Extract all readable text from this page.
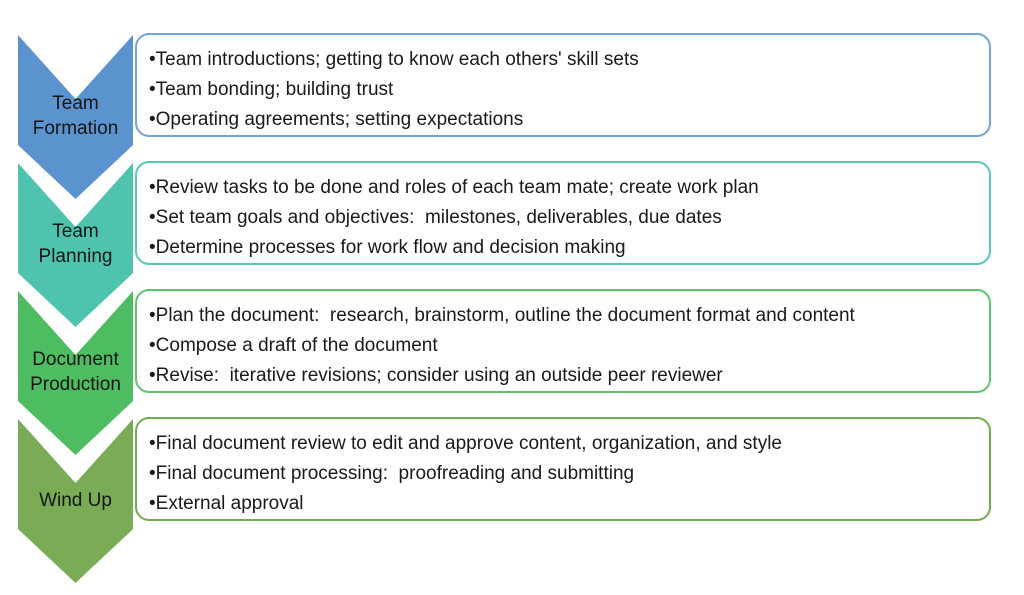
Team
Formation
• Team introductions; getting to know each others' skill sets
• Team bonding; building trust
• Operating agreements; setting expectations
Team
Planning
• Review tasks to be done and roles of each team mate; create work plan
• Set team goals and objectives:  milestones, deliverables, due dates
• Determine processes for work flow and decision making
Document
Production
• Plan the document:  research, brainstorm, outline the document format and content
• Compose a draft of the document
• Revise:  iterative revisions; consider using an outside peer reviewer
Wind Up
• Final document review to edit and approve content, organization, and style
• Final document processing:  proofreading and submitting
• External approval
